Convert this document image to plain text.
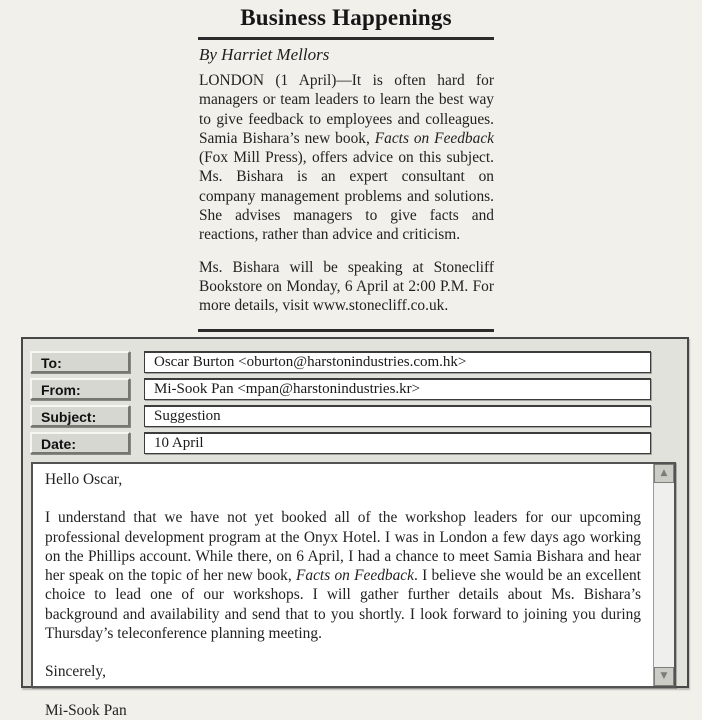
Business Happenings
By Harriet Mellors

LONDON (1 April)—It is often hard for managers or team leaders to learn the best way to give feedback to employees and colleagues. Samia Bishara’s new book, Facts on Feedback (Fox Mill Press), offers advice on this subject. Ms. Bishara is an expert consultant on company management problems and solutions. She advises managers to give facts and reactions, rather than advice and criticism.

Ms. Bishara will be speaking at Stonecliff Bookstore on Monday, 6 April at 2:00 P.M. For more details, visit www.stonecliff.co.uk.

To:	Oscar Burton <oburton@harstonindustries.com.hk>
From:	Mi-Sook Pan <mpan@harstonindustries.kr>
Subject:	Suggestion
Date:	10 April

Hello Oscar,

I understand that we have not yet booked all of the workshop leaders for our upcoming professional development program at the Onyx Hotel. I was in London a few days ago working on the Phillips account. While there, on 6 April, I had a chance to meet Samia Bishara and hear her speak on the topic of her new book, Facts on Feedback. I believe she would be an excellent choice to lead one of our workshops. I will gather further details about Ms. Bishara’s background and availability and send that to you shortly. I look forward to joining you during Thursday’s teleconference planning meeting.

Sincerely,

Mi-Sook Pan

▲
▼
